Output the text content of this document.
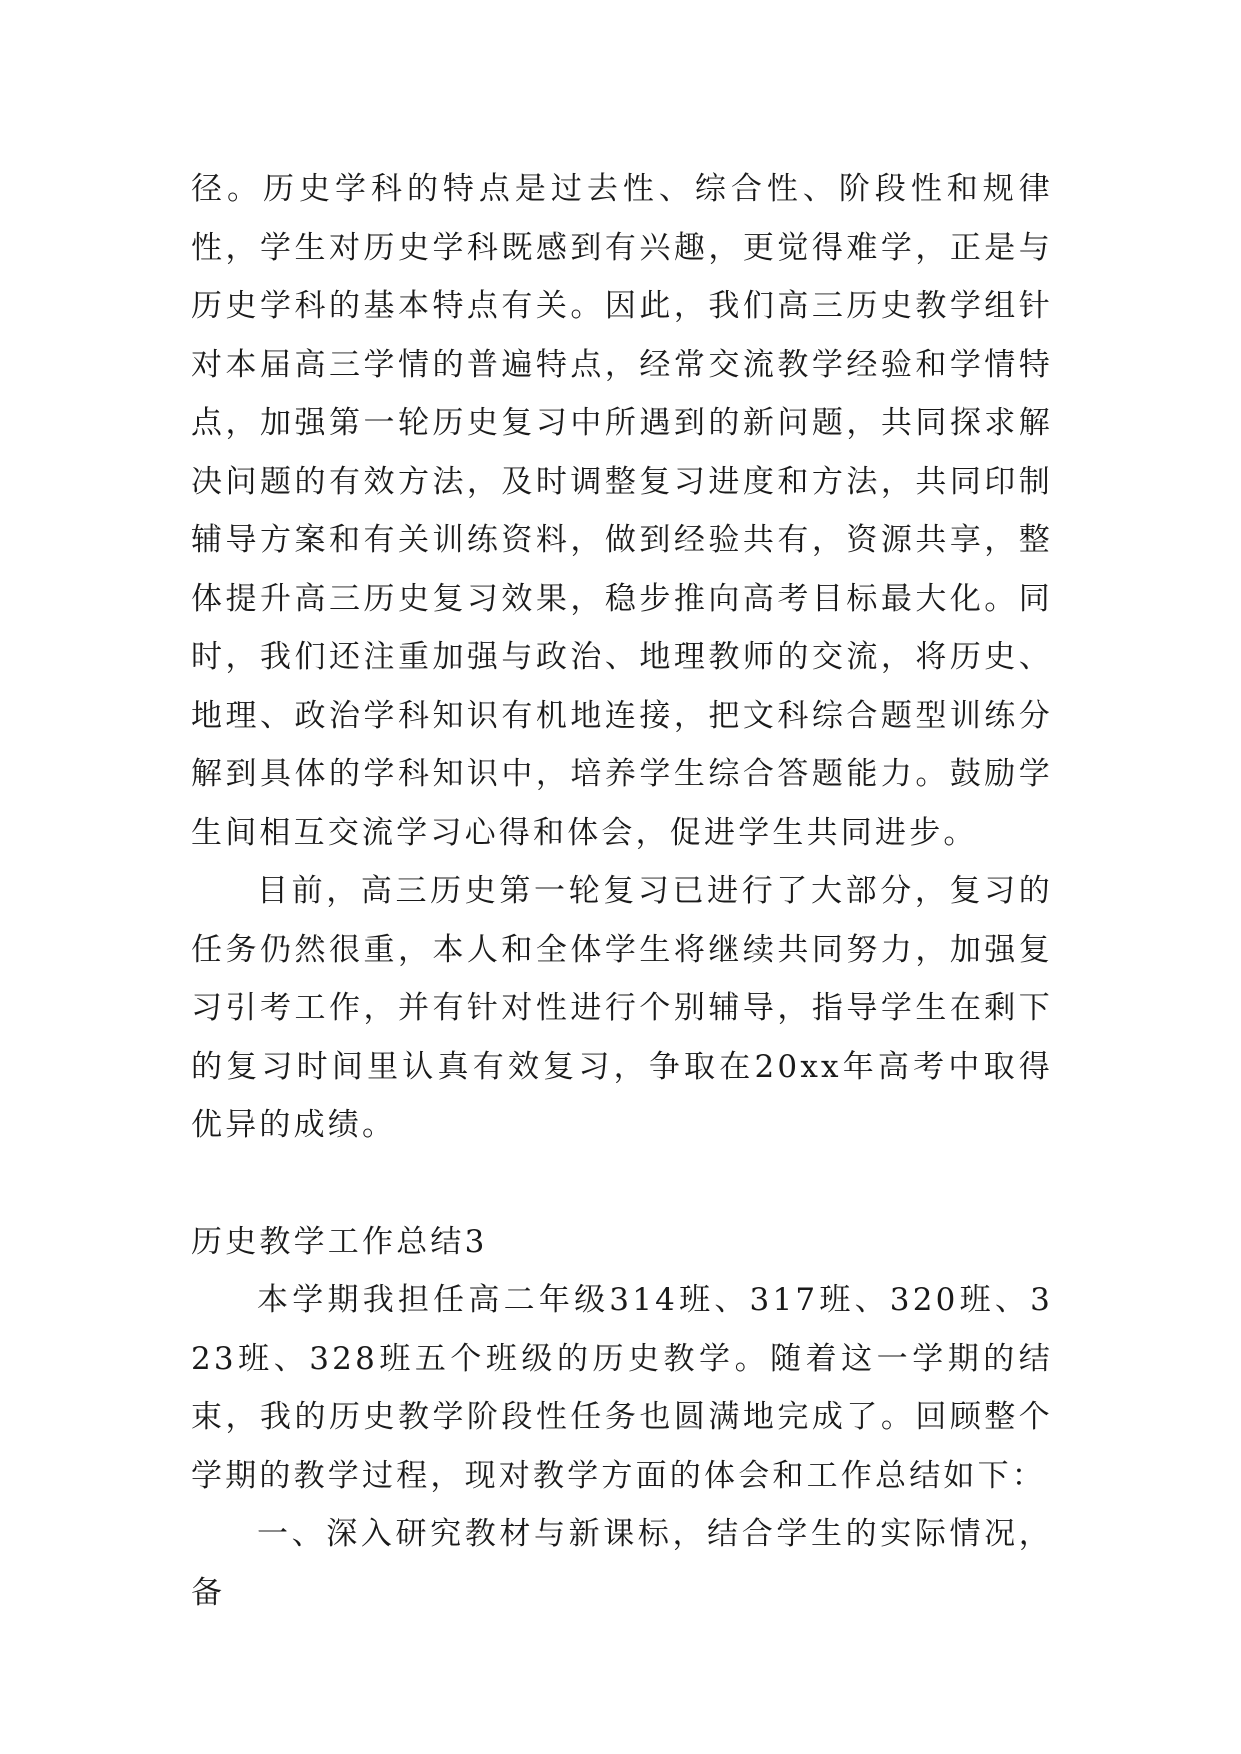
径。历史学科的特点是过去性、综合性、阶段性和规律性，学生对历史学科既感到有兴趣，更觉得难学，正是与历史学科的基本特点有关。因此，我们高三历史教学组针对本届高三学情的普遍特点，经常交流教学经验和学情特点，加强第一轮历史复习中所遇到的新问题，共同探求解决问题的有效方法，及时调整复习进度和方法，共同印制辅导方案和有关训练资料，做到经验共有，资源共享，整体提升高三历史复习效果，稳步推向高考目标最大化。同时，我们还注重加强与政治、地理教师的交流，将历史、地理、政治学科知识有机地连接，把文科综合题型训练分解到具体的学科知识中，培养学生综合答题能力。鼓励学生间相互交流学习心得和体会，促进学生共同进步。

目前，高三历史第一轮复习已进行了大部分，复习的任务仍然很重，本人和全体学生将继续共同努力，加强复习引考工作，并有针对性进行个别辅导，指导学生在剩下的复习时间里认真有效复习，争取在20xx年高考中取得优异的成绩。

历史教学工作总结3

本学期我担任高二年级314班、317班、320班、323班、328班五个班级的历史教学。随着这一学期的结束，我的历史教学阶段性任务也圆满地完成了。回顾整个学期的教学过程，现对教学方面的体会和工作总结如下：

一、深入研究教材与新课标，结合学生的实际情况，备
